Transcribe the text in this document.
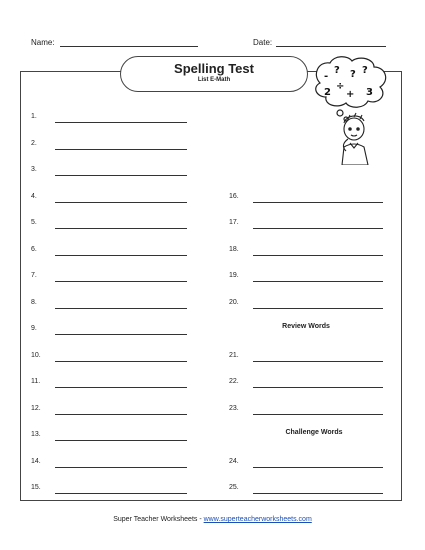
Name:	Date:
Spelling Test
List E-Math	-
? ? ?
2 +
÷
3
1.
2.
3.
4.
5.
6.
7.
8.
9.
10.
11.
12.
13.
14.
15.
16.
17.
18.
19.
20.
21.
22.
23.
24.
25.
Review Words
Challenge Words
Super Teacher Worksheets - www.superteacherworksheets.com
